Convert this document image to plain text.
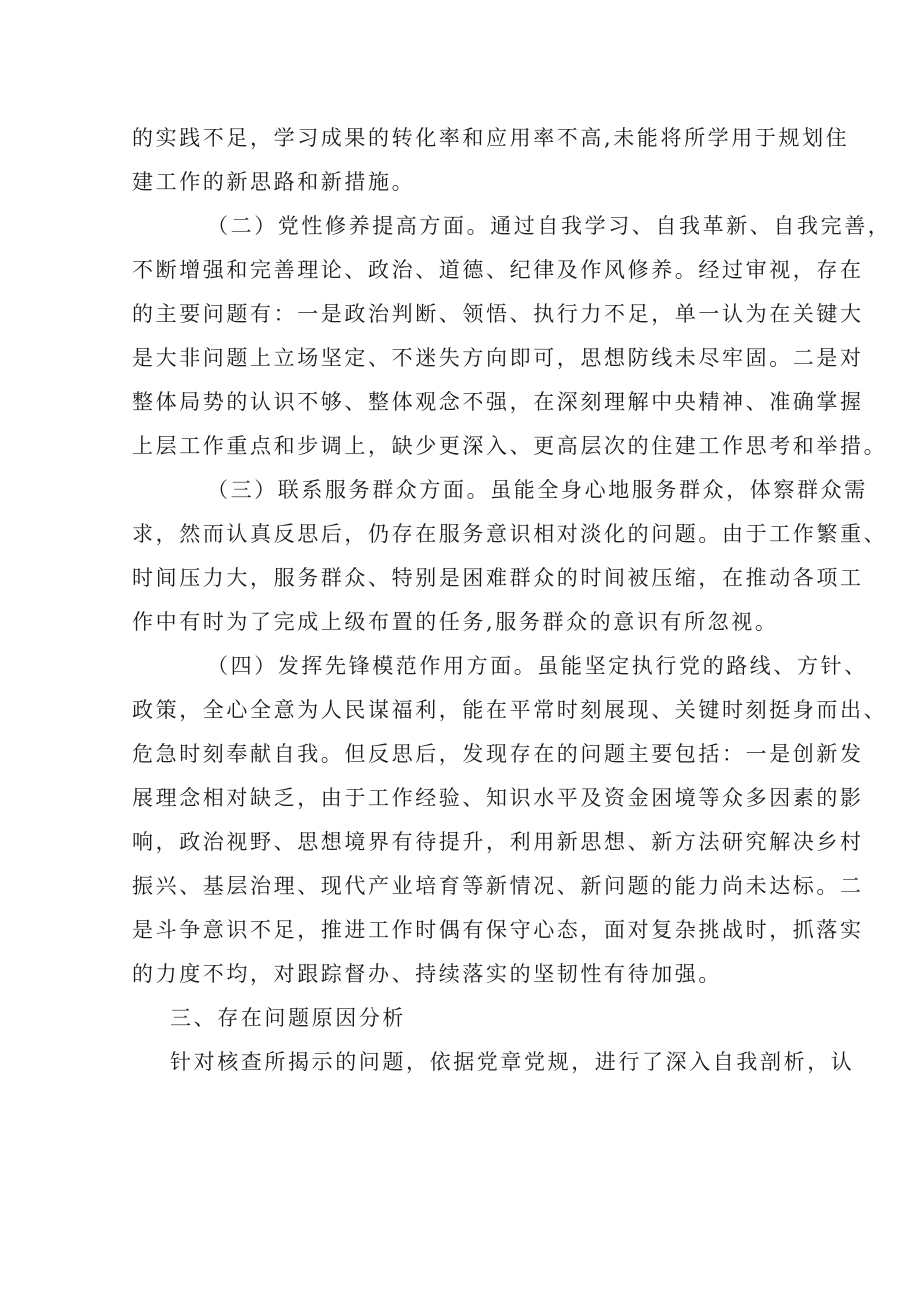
的实践不足，学习成果的转化率和应用率不高,未能将所学用于规划住
建工作的新思路和新措施。
（二）党性修养提高方面。通过自我学习、自我革新、自我完善，
不断增强和完善理论、政治、道德、纪律及作风修养。经过审视，存在
的主要问题有：一是政治判断、领悟、执行力不足，单一认为在关键大
是大非问题上立场坚定、不迷失方向即可，思想防线未尽牢固。二是对
整体局势的认识不够、整体观念不强，在深刻理解中央精神、准确掌握
上层工作重点和步调上，缺少更深入、更高层次的住建工作思考和举措。
（三）联系服务群众方面。虽能全身心地服务群众，体察群众需
求，然而认真反思后，仍存在服务意识相对淡化的问题。由于工作繁重、
时间压力大，服务群众、特别是困难群众的时间被压缩，在推动各项工
作中有时为了完成上级布置的任务,服务群众的意识有所忽视。
（四）发挥先锋模范作用方面。虽能坚定执行党的路线、方针、
政策，全心全意为人民谋福利，能在平常时刻展现、关键时刻挺身而出、
危急时刻奉献自我。但反思后，发现存在的问题主要包括：一是创新发
展理念相对缺乏，由于工作经验、知识水平及资金困境等众多因素的影
响，政治视野、思想境界有待提升，利用新思想、新方法研究解决乡村
振兴、基层治理、现代产业培育等新情况、新问题的能力尚未达标。二
是斗争意识不足，推进工作时偶有保守心态，面对复杂挑战时，抓落实
的力度不均，对跟踪督办、持续落实的坚韧性有待加强。
三、存在问题原因分析
针对核查所揭示的问题，依据党章党规，进行了深入自我剖析，认
